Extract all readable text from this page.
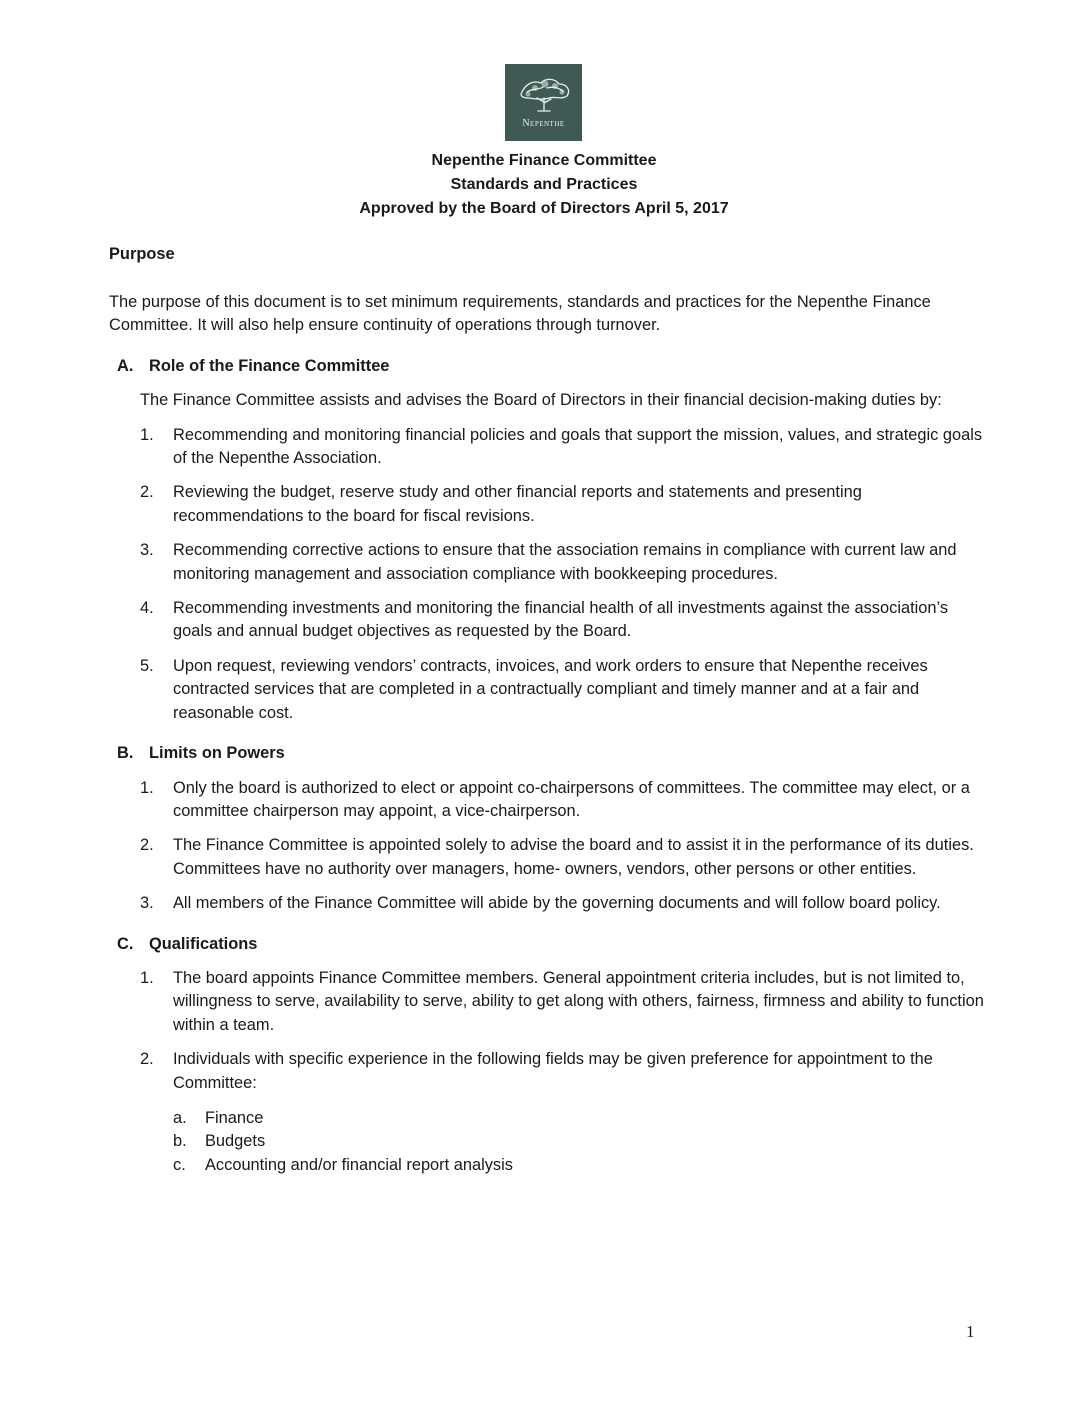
Nepenthe
Nepenthe Finance Committee
Standards and Practices
Approved by the Board of Directors April 5, 2017

Purpose

The purpose of this document is to set minimum requirements, standards and practices for the Nepenthe Finance Committee. It will also help ensure continuity of operations through turnover.

A. Role of the Finance Committee

The Finance Committee assists and advises the Board of Directors in their financial decision-making duties by:

1.	Recommending and monitoring financial policies and goals that support the mission, values, and strategic goals of the Nepenthe Association.
2.	Reviewing the budget, reserve study and other financial reports and statements and presenting recommendations to the board for fiscal revisions.
3.	Recommending corrective actions to ensure that the association remains in compliance with current law and monitoring management and association compliance with bookkeeping procedures.
4.	Recommending investments and monitoring the financial health of all investments against the association’s goals and annual budget objectives as requested by the Board.
5.	Upon request, reviewing vendors’ contracts, invoices, and work orders to ensure that Nepenthe receives contracted services that are completed in a contractually compliant and timely manner and at a fair and reasonable cost.
B. Limits on Powers
1.	Only the board is authorized to elect or appoint co-chairpersons of committees. The committee may elect, or a committee chairperson may appoint, a vice-chairperson.
2.	The Finance Committee is appointed solely to advise the board and to assist it in the performance of its duties. Committees have no authority over managers, home- owners, vendors, other persons or other entities.
3.	All members of the Finance Committee will abide by the governing documents and will follow board policy.
C. Qualifications
1.	The board appoints Finance Committee members. General appointment criteria includes, but is not limited to, willingness to serve, availability to serve, ability to get along with others, fairness, firmness and ability to function within a team.
2.	Individuals with specific experience in the following fields may be given preference for appointment to the Committee:
a.	Finance
b.	Budgets
c.	Accounting and/or financial report analysis
1
